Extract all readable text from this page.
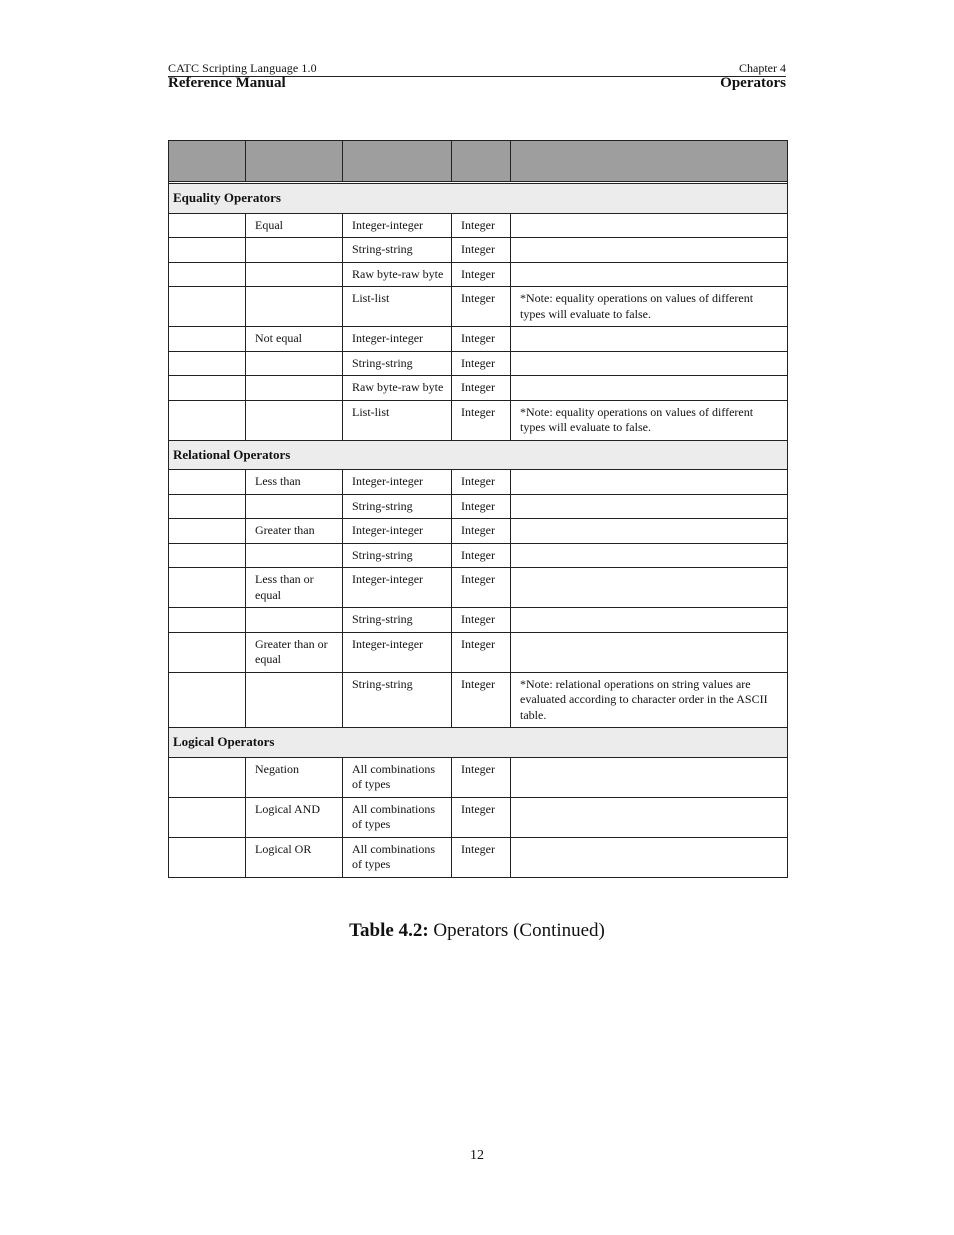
CATC Scripting Language 1.0	Chapter 4
Reference Manual	Operators

Equality Operators				
	Equal	Integer-integer	Integer	
		String-string	Integer	
		Raw byte-raw byte	Integer	
		List-list	Integer	*Note: equality operations on values of different types will evaluate to false.
	Not equal	Integer-integer	Integer	
		String-string	Integer	
		Raw byte-raw byte	Integer	
		List-list	Integer	*Note: equality operations on values of different types will evaluate to false.
Relational Operators				
	Less than	Integer-integer	Integer	
		String-string	Integer	
	Greater than	Integer-integer	Integer	
		String-string	Integer	
	Less than or equal	Integer-integer	Integer	
		String-string	Integer	
	Greater than or equal	Integer-integer	Integer	
		String-string	Integer	*Note: relational operations on string values are evaluated according to character order in the ASCII table.
Logical Operators				
	Negation	All combinations of types	Integer	
	Logical AND	All combinations of types	Integer	
	Logical OR	All combinations of types	Integer	
Table 4.2: Operators (Continued)
12
